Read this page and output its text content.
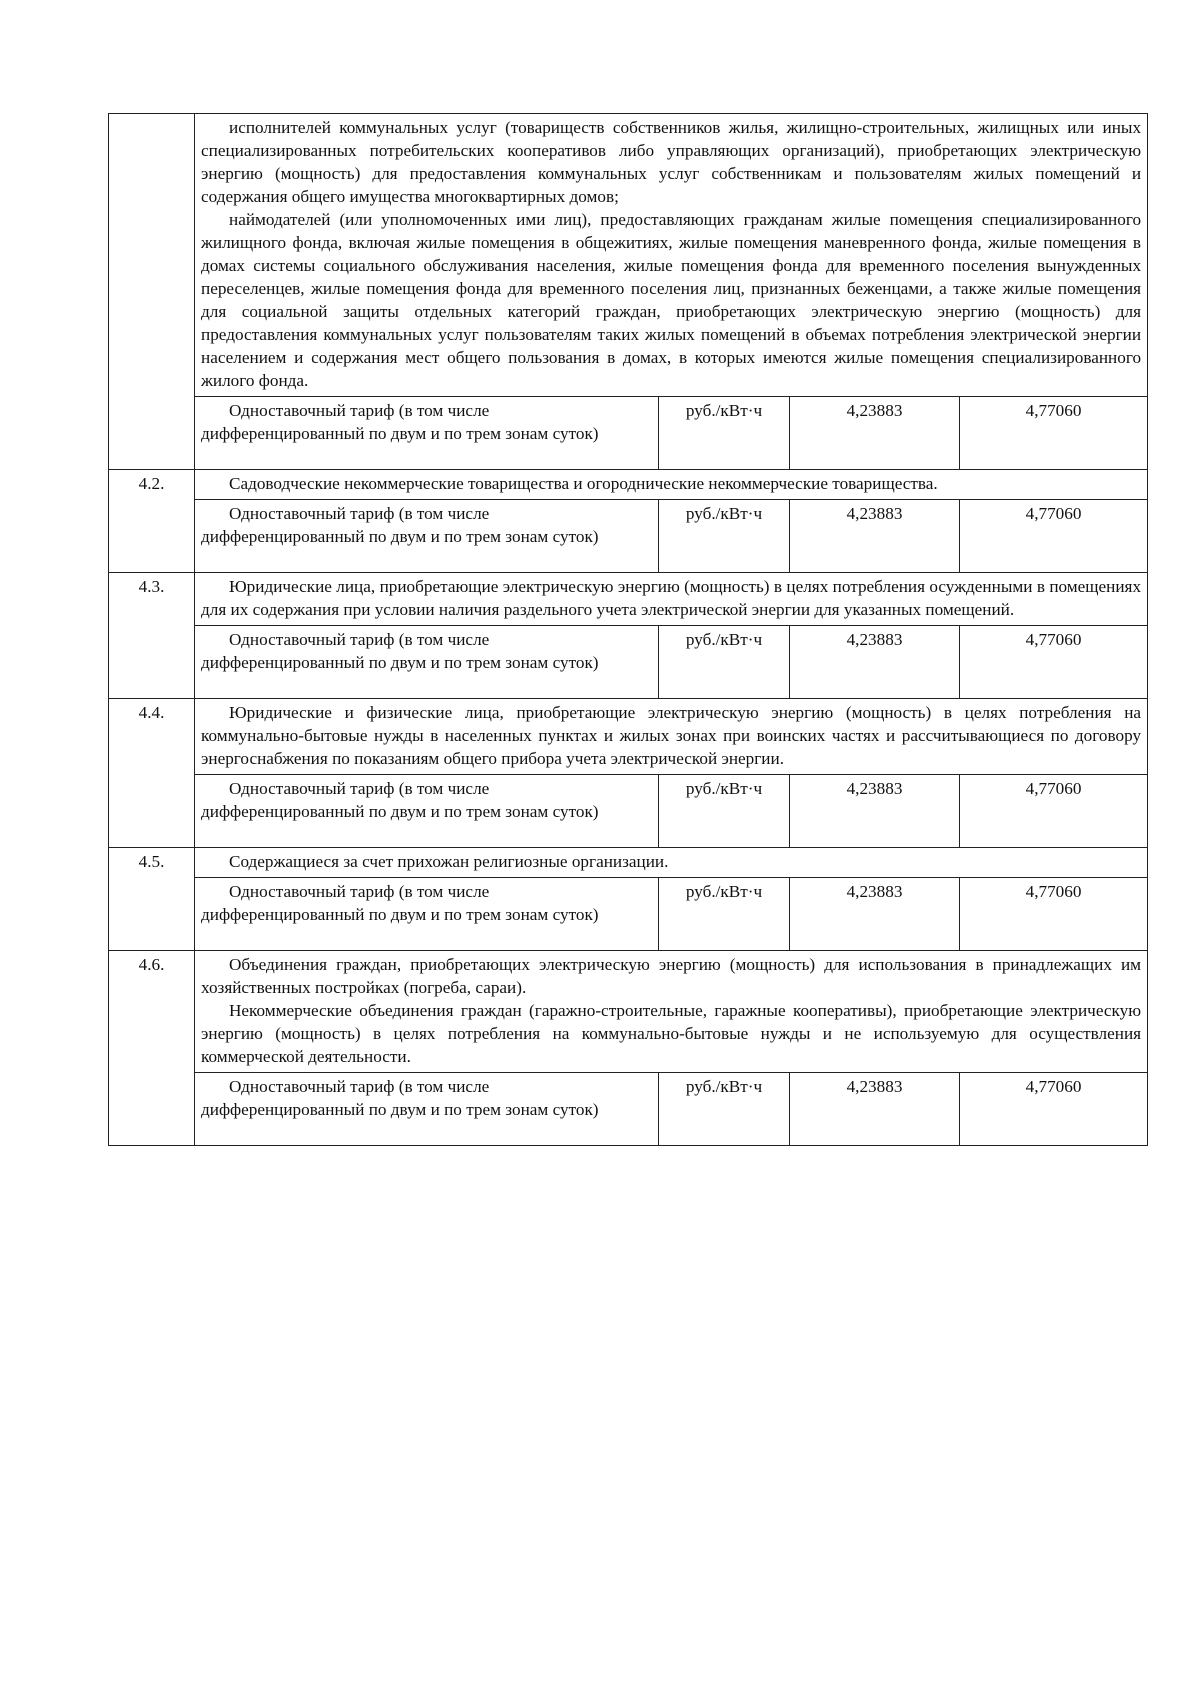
	исполнителей коммунальных услуг (товариществ собственников жилья, жилищно-строительных, жилищных или иных специализированных потребительских кооперативов либо управляющих организаций), приобретающих электрическую энергию (мощность) для предоставления коммунальных услуг собственникам и пользователям жилых помещений и содержания общего имущества многоквартирных домов;

наймодателей (или уполномоченных ими лиц), предоставляющих гражданам жилые помещения специализированного жилищного фонда, включая жилые помещения в общежитиях, жилые помещения маневренного фонда, жилые помещения в домах системы социального обслуживания населения, жилые помещения фонда для временного поселения вынужденных переселенцев, жилые помещения фонда для временного поселения лиц, признанных беженцами, а также жилые помещения для социальной защиты отдельных категорий граждан, приобретающих электрическую энергию (мощность) для предоставления коммунальных услуг пользователям таких жилых помещений в объемах потребления электрической энергии населением и содержания мест общего пользования в домах, в которых имеются жилые помещения специализированного жилого фонда.			

	Одноставочный тариф (в том числе дифференцированный по двум и по трем зонам суток)	руб./кВт·ч	4,23883	4,77060
4.2.	Садоводческие некоммерческие товарищества и огороднические некоммерческие товарищества.			

	Одноставочный тариф (в том числе дифференцированный по двум и по трем зонам суток)	руб./кВт·ч	4,23883	4,77060
4.3.	Юридические лица, приобретающие электрическую энергию (мощность) в целях потребления осужденными в помещениях для их содержания при условии наличия раздельного учета электрической энергии для указанных помещений.			

	Одноставочный тариф (в том числе дифференцированный по двум и по трем зонам суток)	руб./кВт·ч	4,23883	4,77060
4.4.	Юридические и физические лица, приобретающие электрическую энергию (мощность) в целях потребления на коммунально-бытовые нужды в населенных пунктах и жилых зонах при воинских частях и рассчитывающиеся по договору энергоснабжения по показаниям общего прибора учета электрической энергии.			

	Одноставочный тариф (в том числе дифференцированный по двум и по трем зонам суток)	руб./кВт·ч	4,23883	4,77060
4.5.	Содержащиеся за счет прихожан религиозные организации.			

	Одноставочный тариф (в том числе дифференцированный по двум и по трем зонам суток)	руб./кВт·ч	4,23883	4,77060
4.6.	Объединения граждан, приобретающих электрическую энергию (мощность) для использования в принадлежащих им хозяйственных постройках (погреба, сараи).

Некоммерческие объединения граждан (гаражно-строительные, гаражные кооперативы), приобретающие электрическую энергию (мощность) в целях потребления на коммунально-бытовые нужды и не используемую для осуществления коммерческой деятельности.			

	Одноставочный тариф (в том числе дифференцированный по двум и по трем зонам суток)	руб./кВт·ч	4,23883	4,77060
